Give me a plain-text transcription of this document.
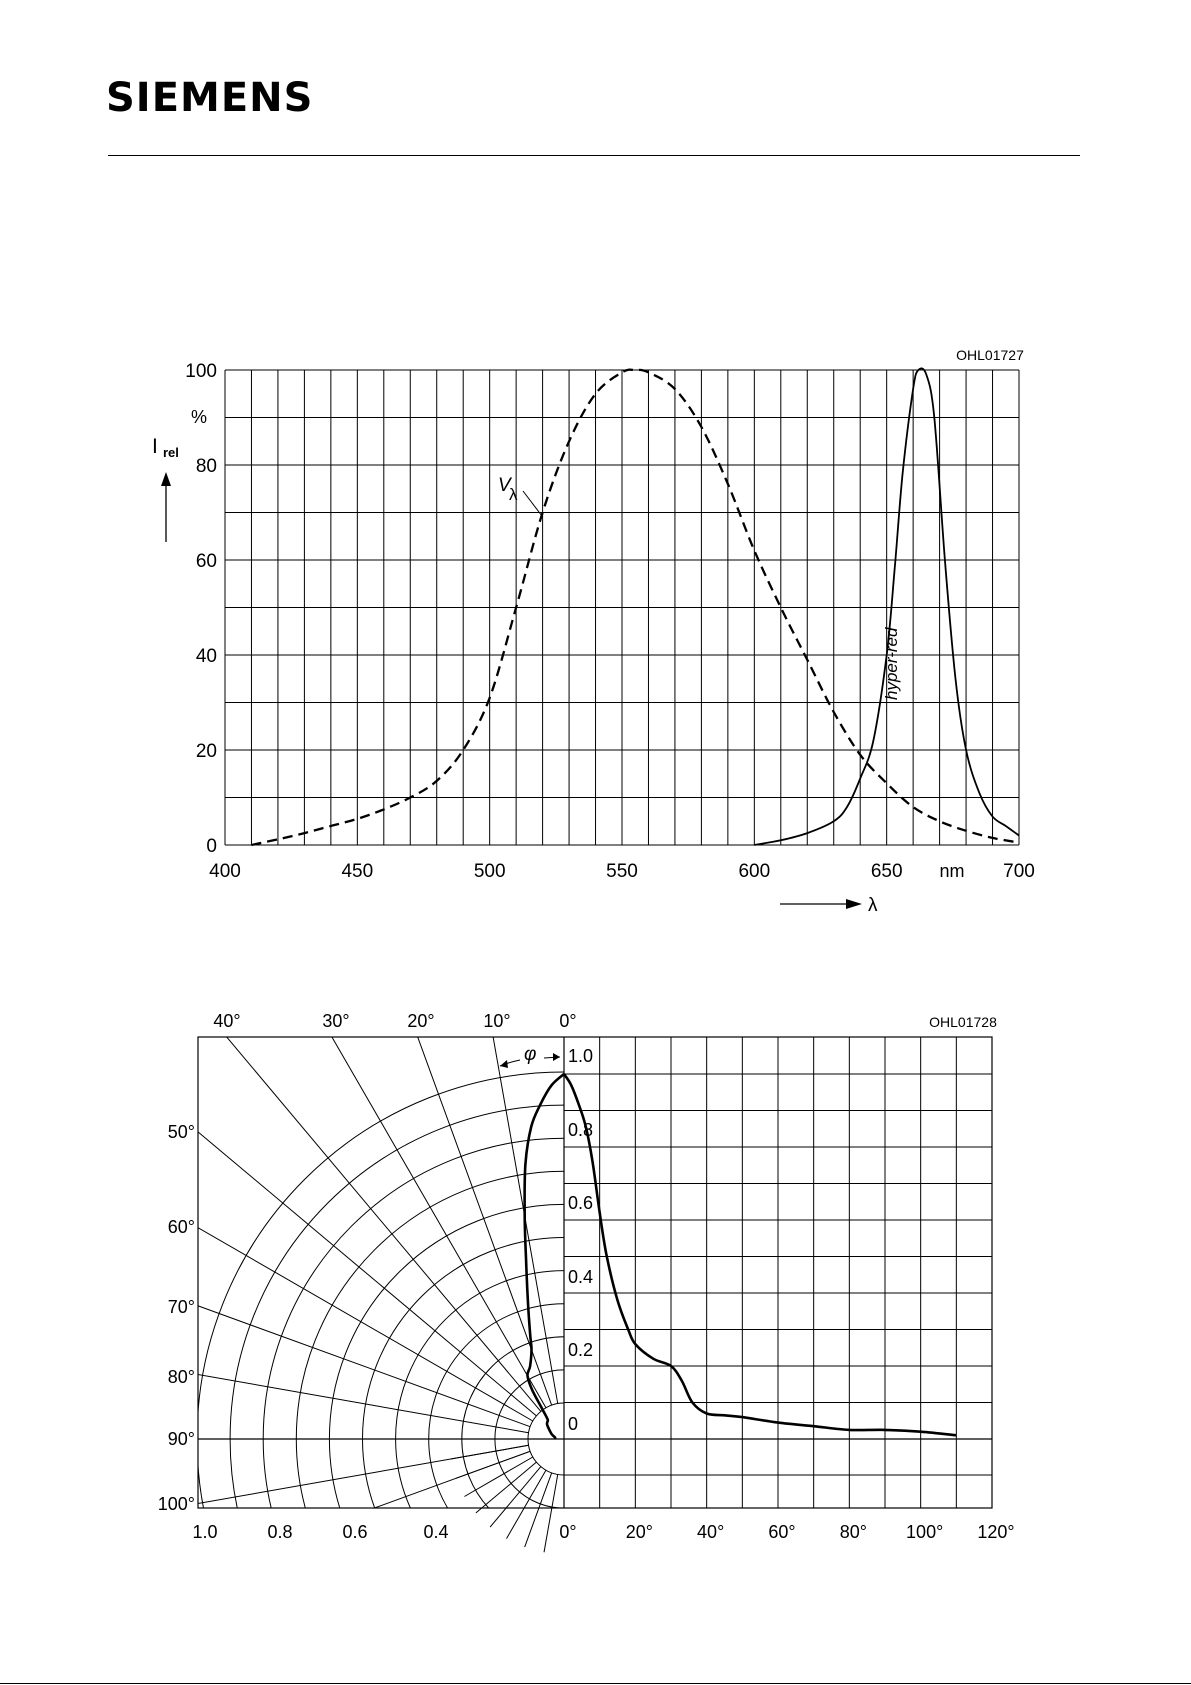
SIEMENS
400	450	500	550	600	650	700
0
20
40
60
80
100
%
nm
OHL01727
I rel
λ
V
λ
hyper-red
1.0
0.8
0.6
0.4
0.2
0
0°
10°
20°
30°
40°
50°
60°
70°
80°
90°
100°
OHL01728
1.0	0.8	0.6	0.4	0°	20° 40° 60° 80° 100° 120°
φ
